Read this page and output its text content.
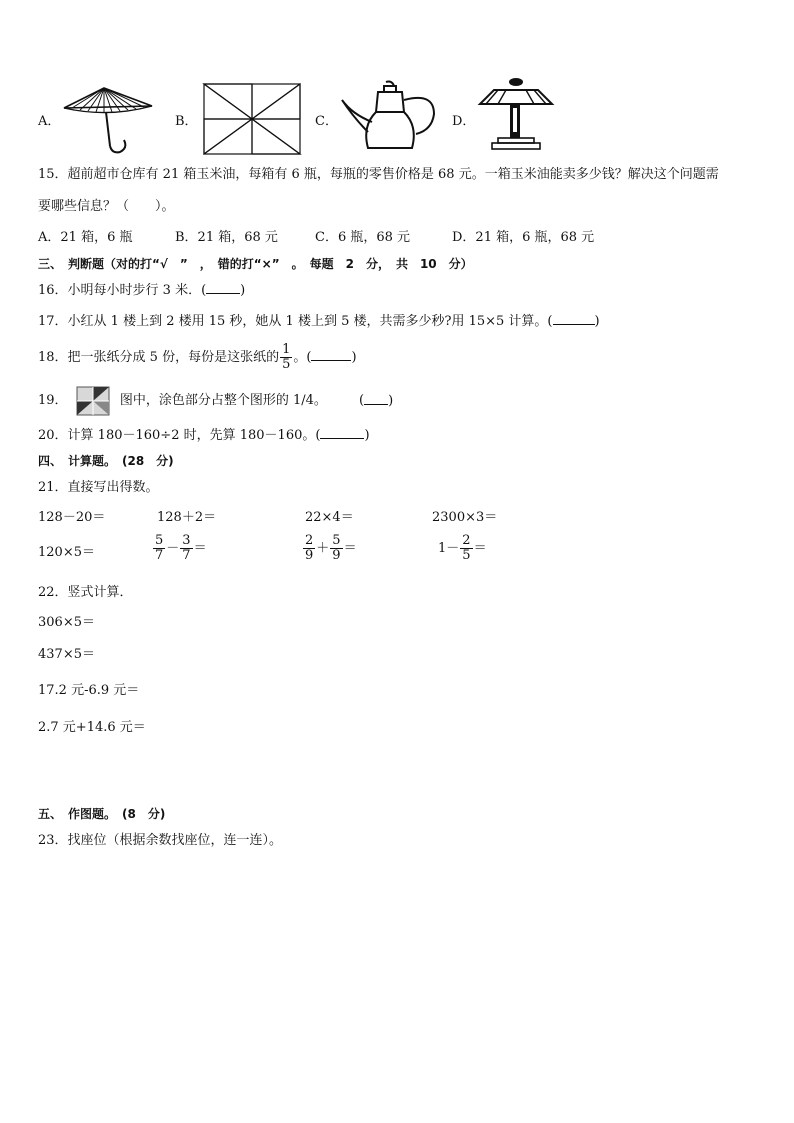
A．	B．	C．	D．
15．超前超市仓库有 21 箱玉米油，每箱有 6 瓶，每瓶的零售价格是 68 元。一箱玉米油能卖多少钱？解决这个问题需
要哪些信息？（　　）。
A．21 箱，6 瓶	B．21 箱，68 元	C．6 瓶，68 元	D．21 箱，6 瓶，68 元
三、　判断题（对的打“√　”　，　错的打“×”　。　每题　2　分，　共　10　分）
16．小明每小时步行 3 米．(	)
17．小红从 1 楼上到 2 楼用 15 秒，她从 1 楼上到 5 楼，共需多少秒?用 15×5 计算。(	)
18．把一张纸分成 5 份，每份是这张纸的 $\frac{1}{5}$ 。(	)
19．	图中，涂色部分占整个图形的 1/4。 ( )
20．计算 180－160÷2 时，先算 180－160。(	)
四、　计算题。　(28　分)
21．直接写出得数。
128－20＝	128＋2＝	22×4＝	2300×3＝
120×5＝	$\frac{5}{7} - \frac{3}{7}$ ＝	$\frac{2}{9} + \frac{5}{9}$ ＝	$1- \frac{2}{5}$ ＝
22．竖式计算．
306×5＝
437×5＝
17.2 元-6.9 元＝
2.7 元+14.6 元＝
五、　作图题。　(8　分)
23．找座位（根据余数找座位，连一连）。
